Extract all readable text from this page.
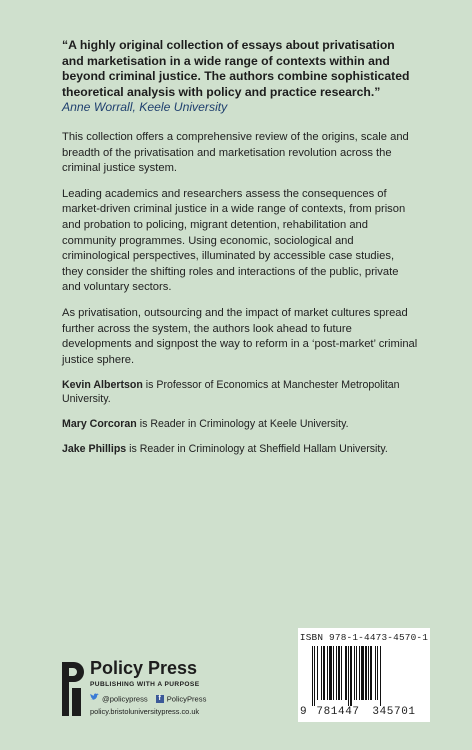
“A highly original collection of essays about privatisation and marketisation in a wide range of contexts within and beyond criminal justice. The authors combine sophisticated theoretical analysis with policy and practice research.”
Anne Worrall, Keele University

This collection offers a comprehensive review of the origins, scale and breadth of the privatisation and marketisation revolution across the criminal justice system.

Leading academics and researchers assess the consequences of market-driven criminal justice in a wide range of contexts, from prison and probation to policing, migrant detention, rehabilitation and community programmes. Using economic, sociological and criminological perspectives, illuminated by accessible case studies, they consider the shifting roles and interactions of the public, private and voluntary sectors.

As privatisation, outsourcing and the impact of market cultures spread further across the system, the authors look ahead to future developments and signpost the way to reform in a ‘post-market’ criminal justice sphere.

Kevin Albertson is Professor of Economics at Manchester Metropolitan University.

Mary Corcoran is Reader in Criminology at Keele University.

Jake Phillips is Reader in Criminology at Sheffield Hallam University.

Policy Press
PUBLISHING WITH A PURPOSE
@policypress f PolicyPress
policy.bristoluniversitypress.co.uk
ISBN 978-1-4473-4570-1
9 781447	345701
